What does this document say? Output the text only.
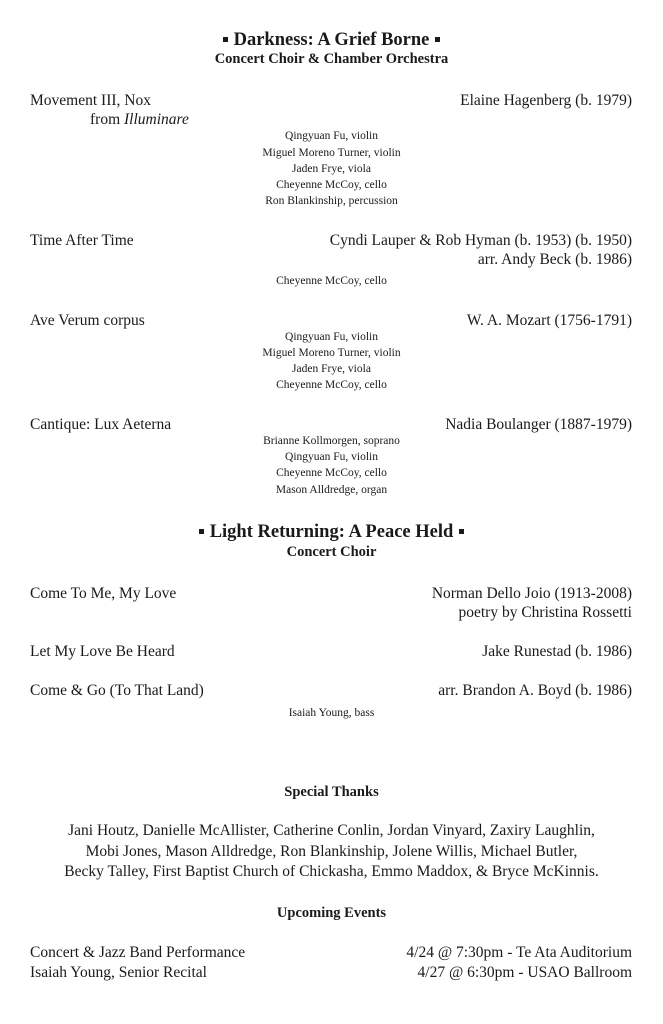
Darkness: A Grief Borne
Concert Choir & Chamber Orchestra
Movement III, Nox	Elaine Hagenberg (b. 1979)
from Illuminare
Qingyuan Fu, violin
Miguel Moreno Turner, violin
Jaden Frye, viola
Cheyenne McCoy, cello
Ron Blankinship, percussion
Time After Time	Cyndi Lauper & Rob Hyman (b. 1953) (b. 1950)
arr. Andy Beck (b. 1986)
Cheyenne McCoy, cello
Ave Verum corpus	W. A. Mozart (1756-1791)
Qingyuan Fu, violin
Miguel Moreno Turner, violin
Jaden Frye, viola
Cheyenne McCoy, cello
Cantique: Lux Aeterna	Nadia Boulanger (1887-1979)
Brianne Kollmorgen, soprano
Qingyuan Fu, violin
Cheyenne McCoy, cello
Mason Alldredge, organ
Light Returning: A Peace Held
Concert Choir
Come To Me, My Love	Norman Dello Joio (1913-2008)
poetry by Christina Rossetti
Let My Love Be Heard	Jake Runestad (b. 1986)
Come & Go (To That Land)	arr. Brandon A. Boyd (b. 1986)
Isaiah Young, bass
Special Thanks
Jani Houtz, Danielle McAllister, Catherine Conlin, Jordan Vinyard, Zaxiry Laughlin,
Mobi Jones, Mason Alldredge, Ron Blankinship, Jolene Willis, Michael Butler,
Becky Talley, First Baptist Church of Chickasha, Emmo Maddox, & Bryce McKinnis.
Upcoming Events
Concert & Jazz Band Performance	4/24 @ 7:30pm - Te Ata Auditorium
Isaiah Young, Senior Recital	4/27 @ 6:30pm - USAO Ballroom
